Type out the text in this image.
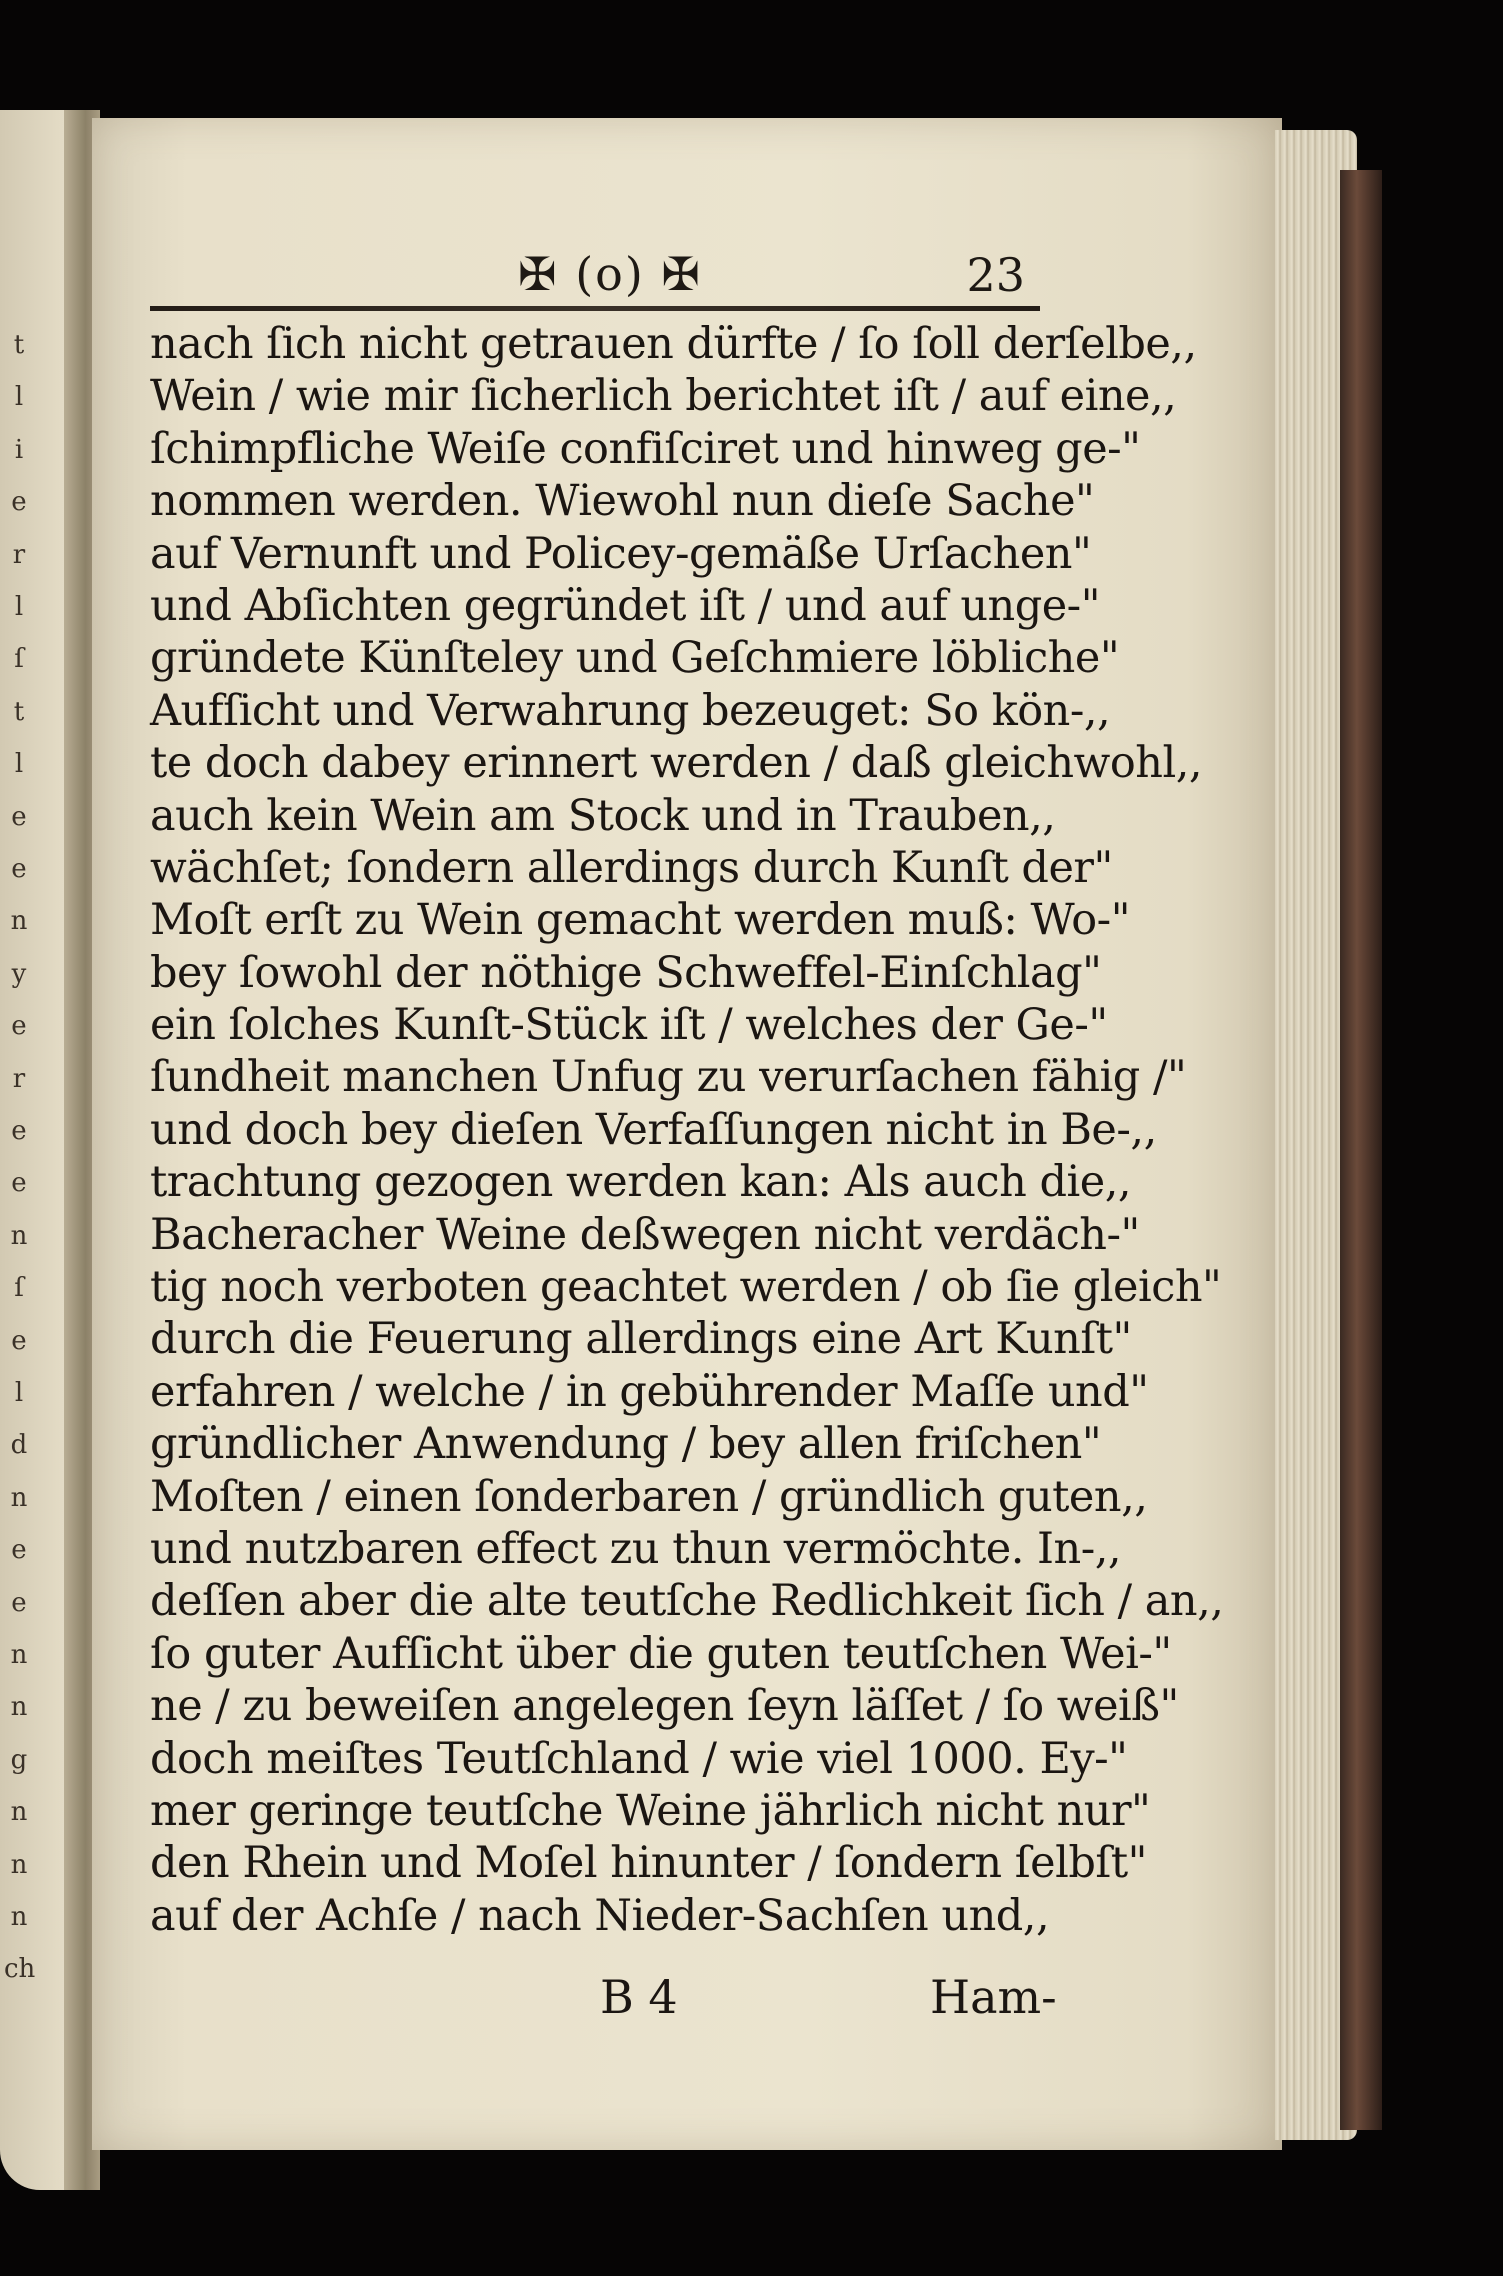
t
l
i
e
r
l
ſ
t
l
e
e
n
y
e
r
e
e
n
ſ
e
l
d
n
e
e
n
n
g
n
n
n
ch
✠ (o) ✠	23
nach ſich nicht getrauen dürfte / ſo ſoll derſelbe,,
Wein / wie mir ſicherlich berichtet iſt / auf eine,,
ſchimpfliche Weiſe confiſciret und hinweg ge-"
nommen werden. Wiewohl nun dieſe Sache"
auf Vernunft und Policey-gemäße Urſachen"
und Abſichten gegründet iſt / und auf unge-"
gründete Künſteley und Geſchmiere löbliche"
Aufſicht und Verwahrung bezeuget: So kön-,,
te doch dabey erinnert werden / daß gleichwohl,,
auch kein Wein am Stock und in Trauben,,
wächſet; ſondern allerdings durch Kunſt der"
Moſt erſt zu Wein gemacht werden muß: Wo-"
bey ſowohl der nöthige Schweffel-Einſchlag"
ein ſolches Kunſt-Stück iſt / welches der Ge-"
ſundheit manchen Unfug zu verurſachen fähig /"
und doch bey dieſen Verfaſſungen nicht in Be-,,
trachtung gezogen werden kan: Als auch die,,
Bacheracher Weine deßwegen nicht verdäch-"
tig noch verboten geachtet werden / ob ſie gleich"
durch die Feuerung allerdings eine Art Kunſt"
erfahren / welche / in gebührender Maſſe und"
gründlicher Anwendung / bey allen friſchen"
Moſten / einen ſonderbaren / gründlich guten,,
und nutzbaren effect zu thun vermöchte. In-,,
deſſen aber die alte teutſche Redlichkeit ſich / an,,
ſo guter Aufſicht über die guten teutſchen Wei-"
ne / zu beweiſen angelegen ſeyn läſſet / ſo weiß"
doch meiſtes Teutſchland / wie viel 1000. Ey-"
mer geringe teutſche Weine jährlich nicht nur"
den Rhein und Moſel hinunter / ſondern ſelbſt"
auf der Achſe / nach Nieder-Sachſen und,,
B 4	Ham-
